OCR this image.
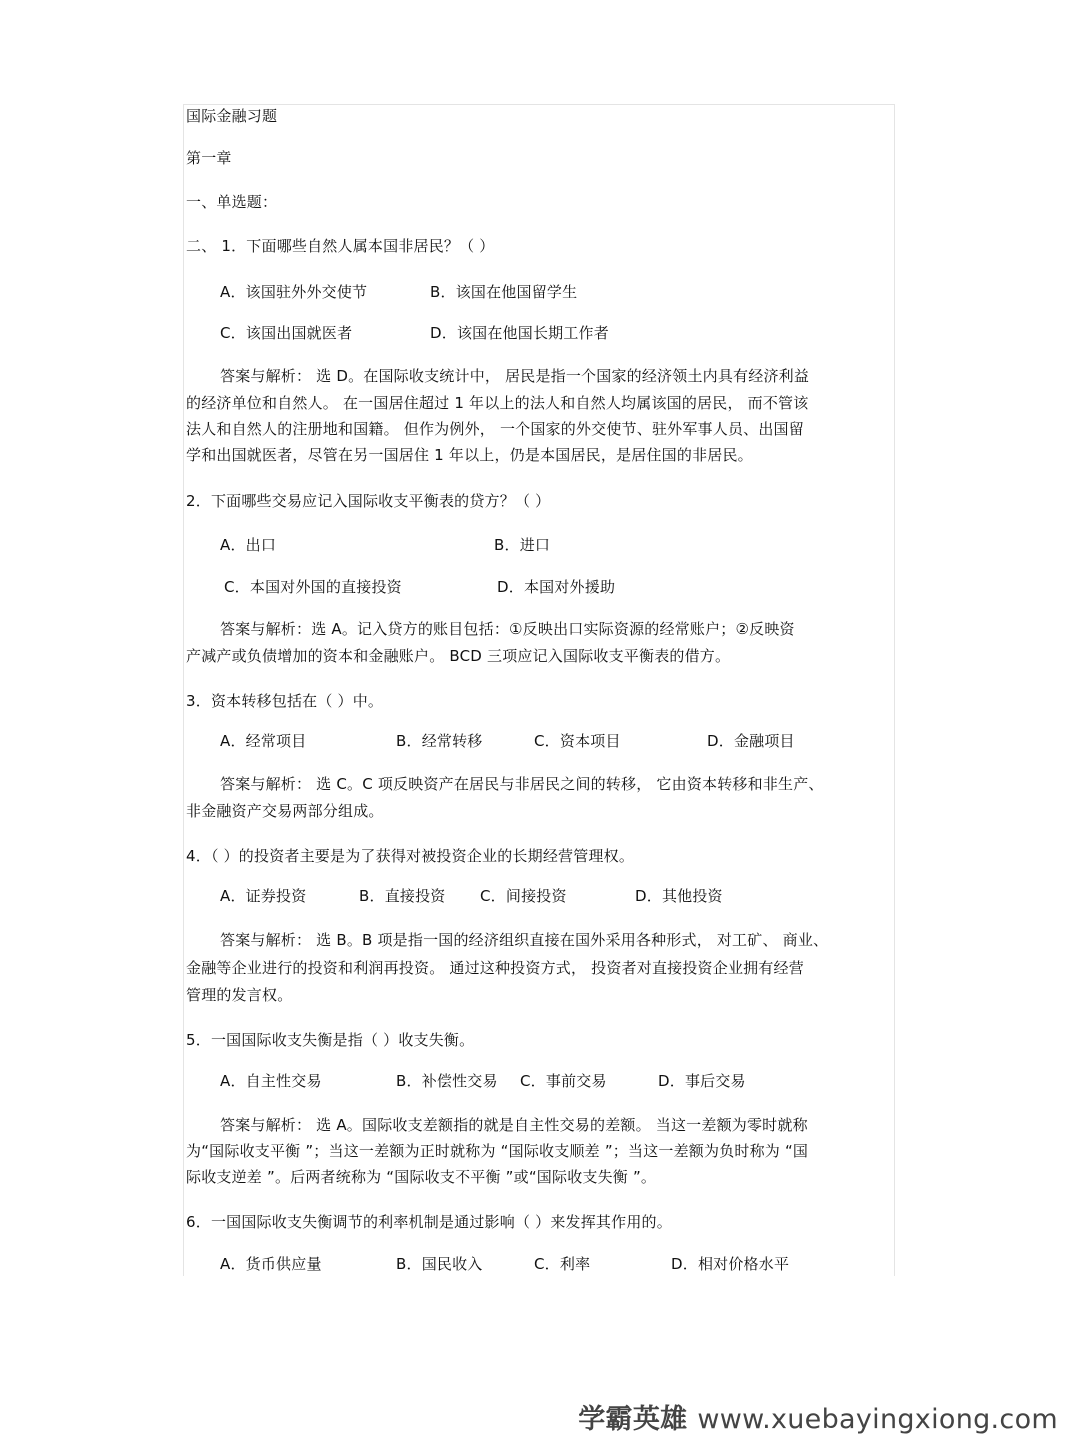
国际金融习题
第一章
一、单选题：
二、 1．下面哪些自然人属本国非居民？（ ）
A．该国驻外外交使节	B．该国在他国留学生
C．该国出国就医者	D．该国在他国长期工作者
答案与解析： 选 D。在国际收支统计中， 居民是指一个国家的经济领土内具有经济利益
的经济单位和自然人。 在一国居住超过 1 年以上的法人和自然人均属该国的居民， 而不管该
法人和自然人的注册地和国籍。 但作为例外， 一个国家的外交使节、驻外军事人员、出国留
学和出国就医者，尽管在另一国居住 1 年以上，仍是本国居民，是居住国的非居民。
2．下面哪些交易应记入国际收支平衡表的贷方？（ ）
A．出口	B．进口
C．本国对外国的直接投资	D．本国对外援助
答案与解析：选 A。记入贷方的账目包括：①反映出口实际资源的经常账户；②反映资
产减产或负债增加的资本和金融账户。 BCD 三项应记入国际收支平衡表的借方。
3．资本转移包括在（ ）中。
A．经常项目	B．经常转移	C．资本项目	D．金融项目
答案与解析： 选 C。C 项反映资产在居民与非居民之间的转移， 它由资本转移和非生产、
非金融资产交易两部分组成。
4．（ ）的投资者主要是为了获得对被投资企业的长期经营管理权。
A．证券投资	B．直接投资 C．间接投资	D．其他投资
答案与解析： 选 B。B 项是指一国的经济组织直接在国外采用各种形式， 对工矿、 商业、
金融等企业进行的投资和利润再投资。 通过这种投资方式， 投资者对直接投资企业拥有经营
管理的发言权。
5．一国国际收支失衡是指（ ）收支失衡。
A．自主性交易	B．补偿性交易 C．事前交易	D．事后交易
答案与解析： 选 A。国际收支差额指的就是自主性交易的差额。 当这一差额为零时就称
为“国际收支平衡 ”；当这一差额为正时就称为 “国际收支顺差 ”；当这一差额为负时称为 “国
际收支逆差 ”。后两者统称为 “国际收支不平衡 ”或“国际收支失衡 ”。
6．一国国际收支失衡调节的利率机制是通过影响（ ）来发挥其作用的。
A．货币供应量	B．国民收入	C．利率	D．相对价格水平
学霸英雄 www.xuebayingxiong.com
